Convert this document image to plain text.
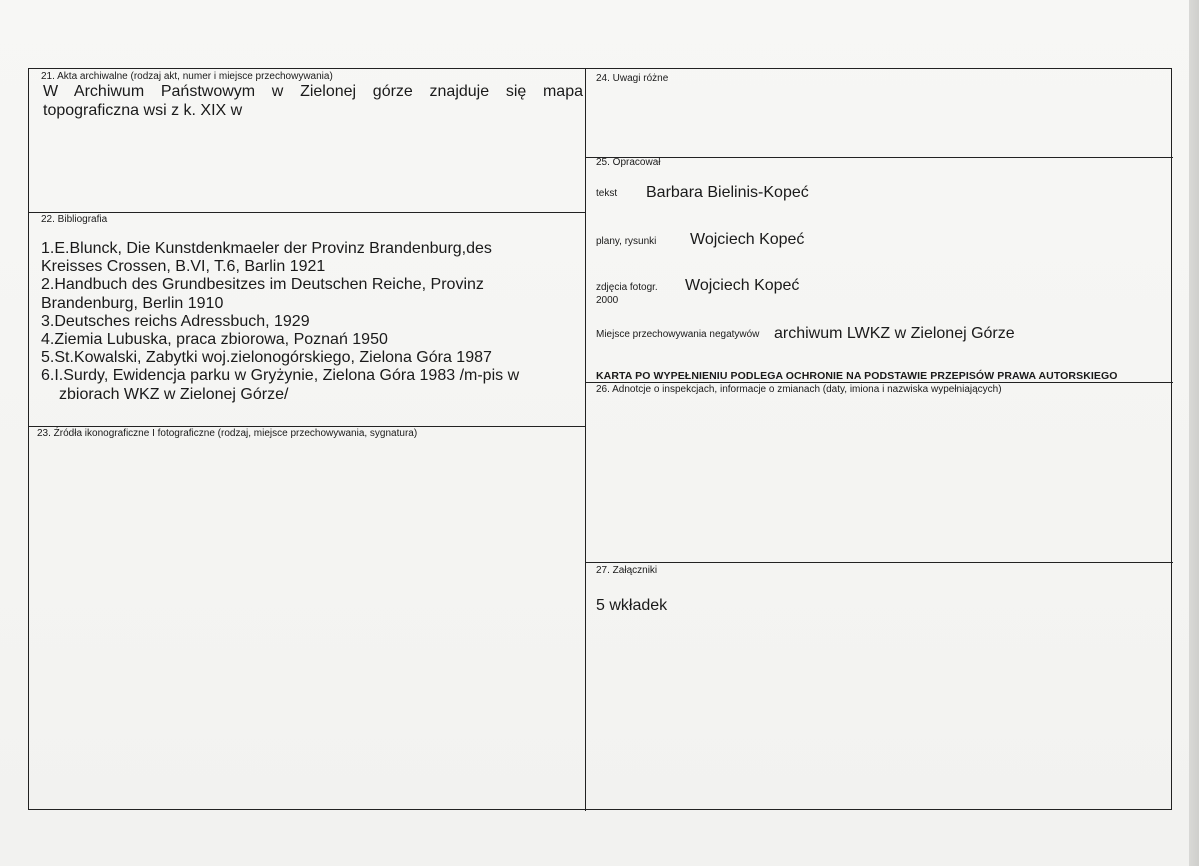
21. Akta archiwalne (rodzaj akt, numer i miejsce przechowywania)
W Archiwum Państwowym w Zielonej górze znajduje się mapa topograficzna wsi z k. XIX w
22. Bibliografia
1.E.Blunck, Die Kunstdenkmaeler der Provinz Brandenburg,des
Kreisses Crossen, B.VI, T.6, Barlin 1921
2.Handbuch des Grundbesitzes im Deutschen Reiche, Provinz
Brandenburg, Berlin 1910
3.Deutsches reichs Adressbuch, 1929
4.Ziemia Lubuska, praca zbiorowa, Poznań 1950
5.St.Kowalski, Zabytki woj.zielonogórskiego, Zielona Góra 1987
6.I.Surdy, Ewidencja parku w Gryżynie, Zielona Góra 1983 /m-pis w
zbiorach WKZ w Zielonej Górze/
23. Źródła ikonograficzne I fotograficzne (rodzaj, miejsce przechowywania, sygnatura)
24. Uwagi różne
25. Opracował
tekst Barbara Bielinis-Kopeć
plany, rysunki Wojciech Kopeć
zdjęcia fotogr.
2000
Wojciech Kopeć
Miejsce przechowywania negatywów archiwum LWKZ w Zielonej Górze
KARTA PO WYPEŁNIENIU PODLEGA OCHRONIE NA PODSTAWIE PRZEPISÓW PRAWA AUTORSKIEGO
26. Adnotcje o inspekcjach, informacje o zmianach (daty, imiona i nazwiska wypełniających)
27. Załączniki
5 wkładek
